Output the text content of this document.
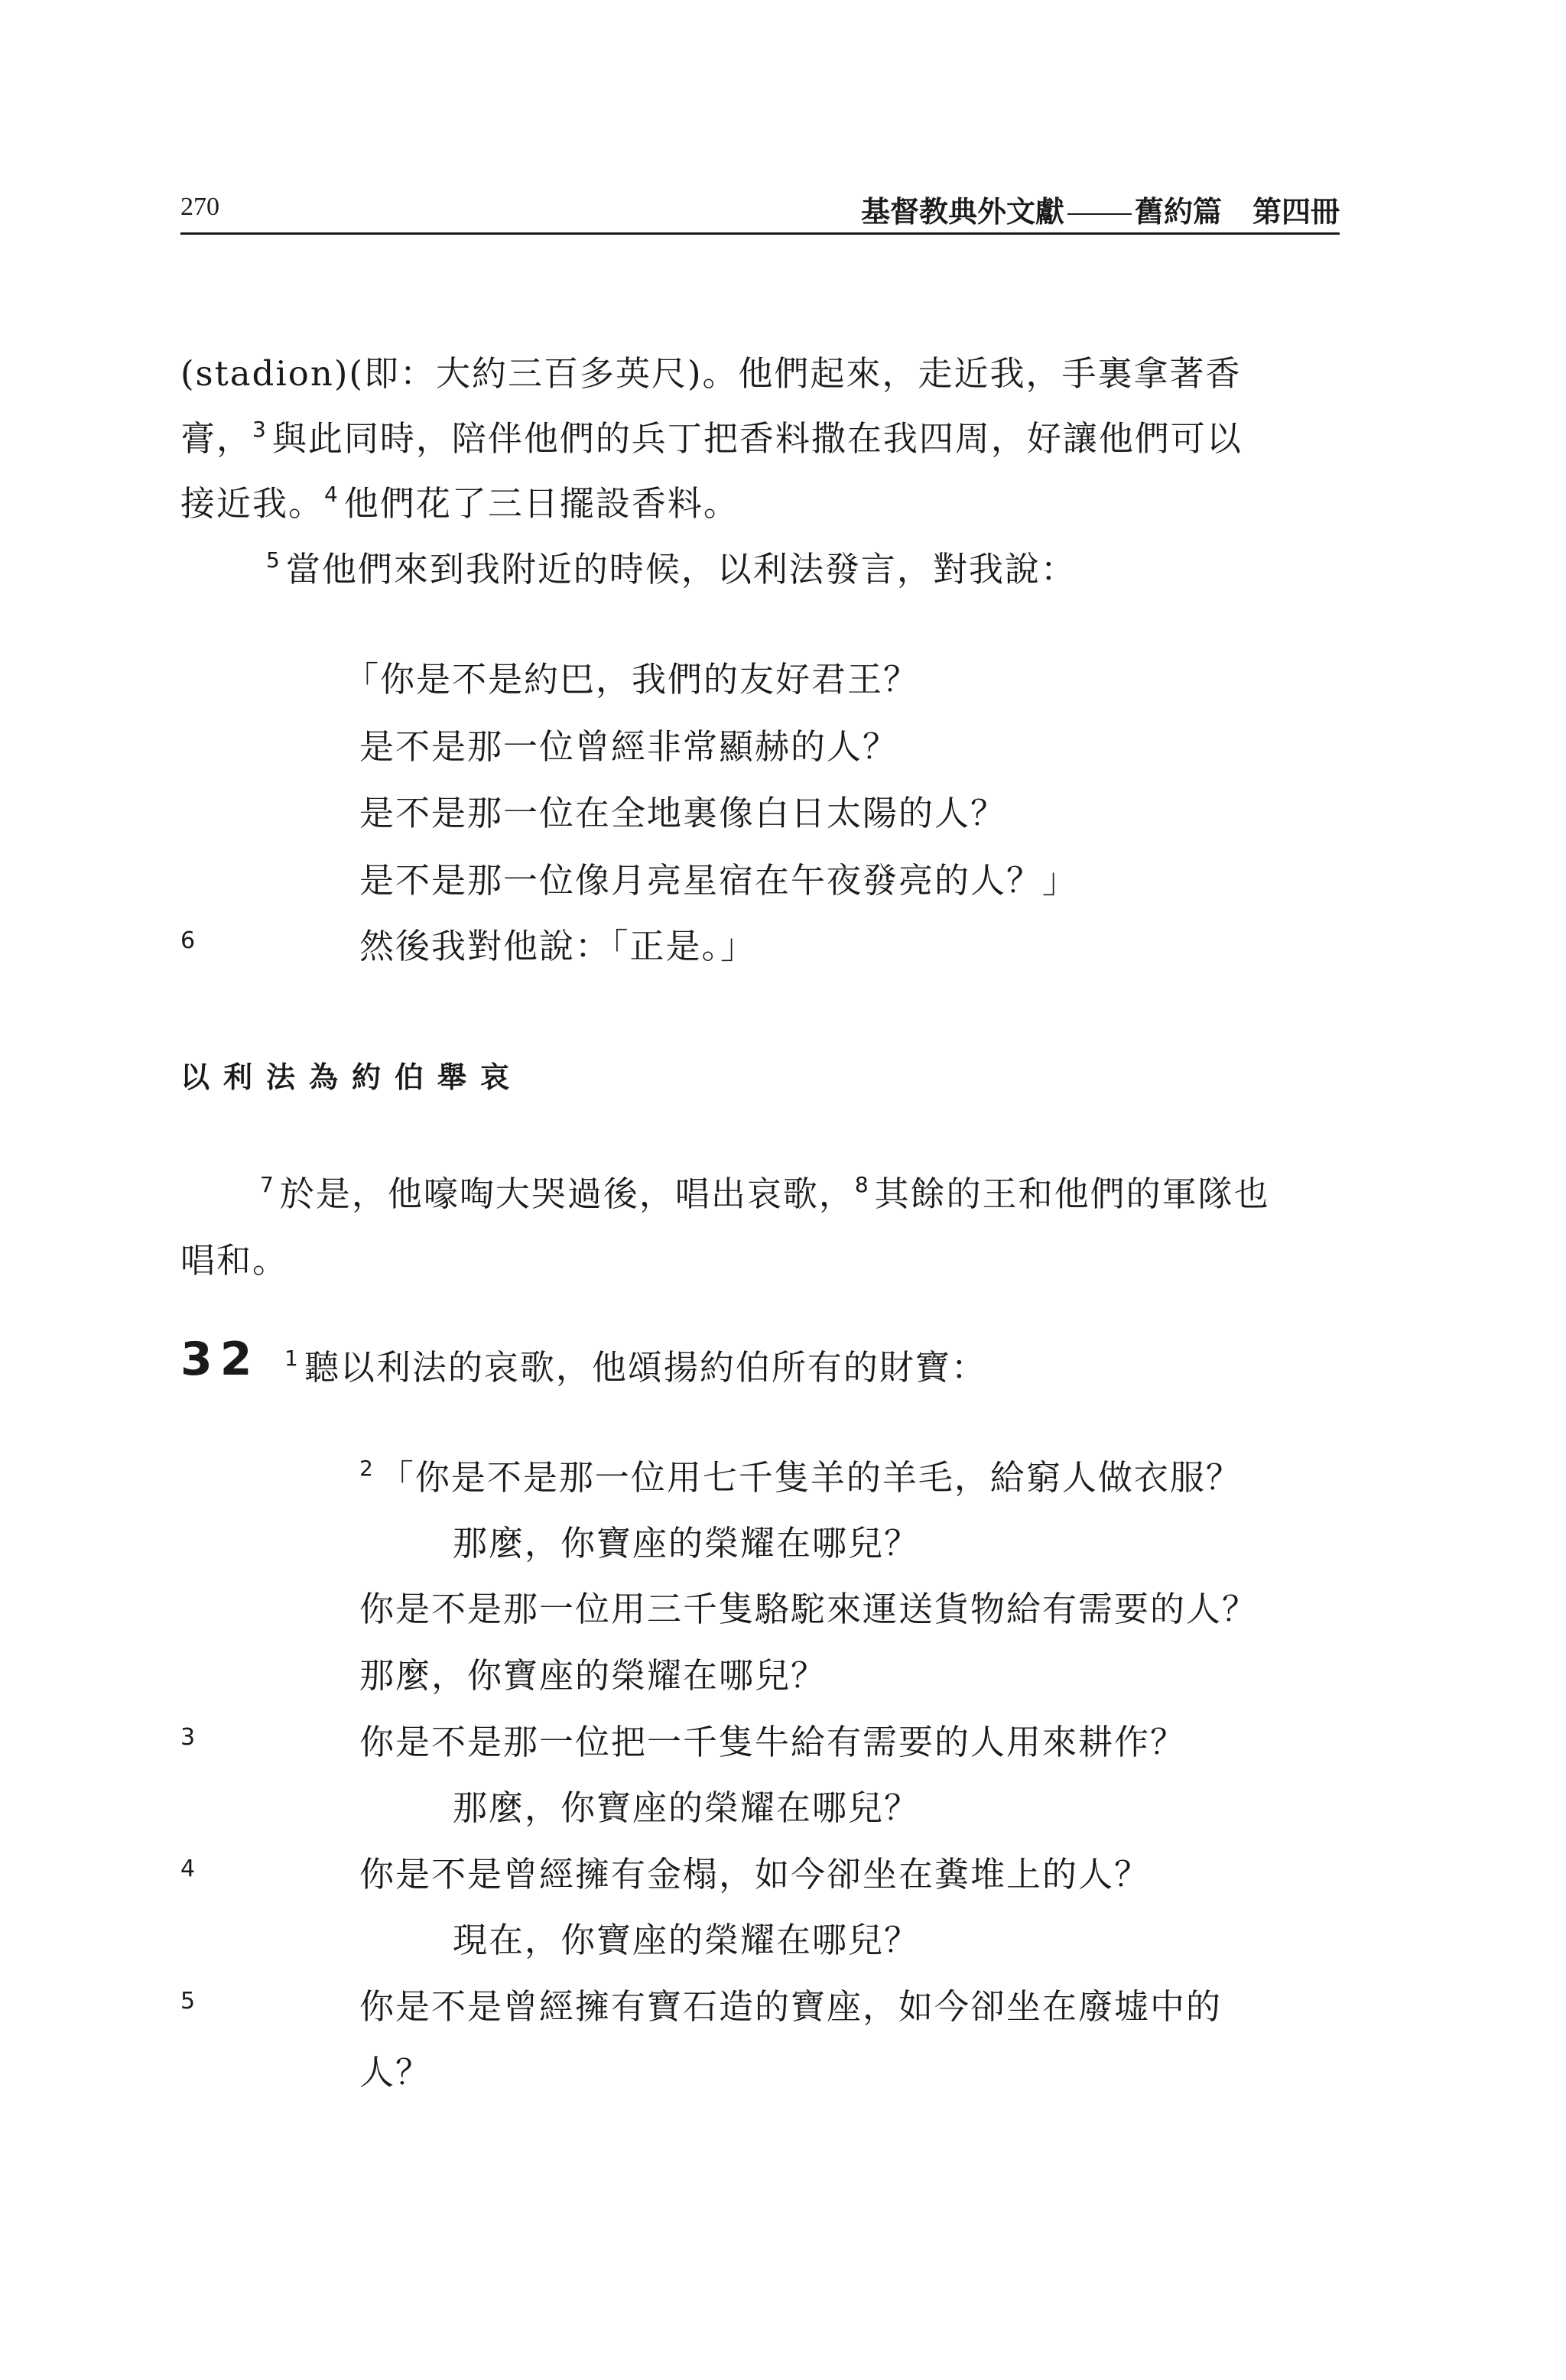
270	基督教典外文獻 舊約篇 第四冊
(stadion)(即：大約三百多英尺)。他們起來，走近我，手裏拿著香
膏，$^3$ 與此同時，陪伴他們的兵丁把香料撒在我四周，好讓他們可以
接近我。$^4$ 他們花了三日擺設香料。
$^5$ 當他們來到我附近的時候，以利法發言，對我說：
「你是不是約巴，我們的友好君王？
是不是那一位曾經非常顯赫的人？
是不是那一位在全地裏像白日太陽的人？
是不是那一位像月亮星宿在午夜發亮的人？」
6	然後我對他說：「正是。」
以利法為約伯舉哀
$^7$ 於是，他嚎啕大哭過後，唱出哀歌，$^8$ 其餘的王和他們的軍隊也
唱和。
32 $^1$ 聽以利法的哀歌，他頌揚約伯所有的財寶：
$^2$ 「你是不是那一位用七千隻羊的羊毛，給窮人做衣服？
那麼，你寶座的榮耀在哪兒？
你是不是那一位用三千隻駱駝來運送貨物給有需要的人？
那麼，你寶座的榮耀在哪兒？
3	你是不是那一位把一千隻牛給有需要的人用來耕作？
那麼，你寶座的榮耀在哪兒？
4	你是不是曾經擁有金榻，如今卻坐在糞堆上的人？
現在，你寶座的榮耀在哪兒？
5	你是不是曾經擁有寶石造的寶座，如今卻坐在廢墟中的
人？
